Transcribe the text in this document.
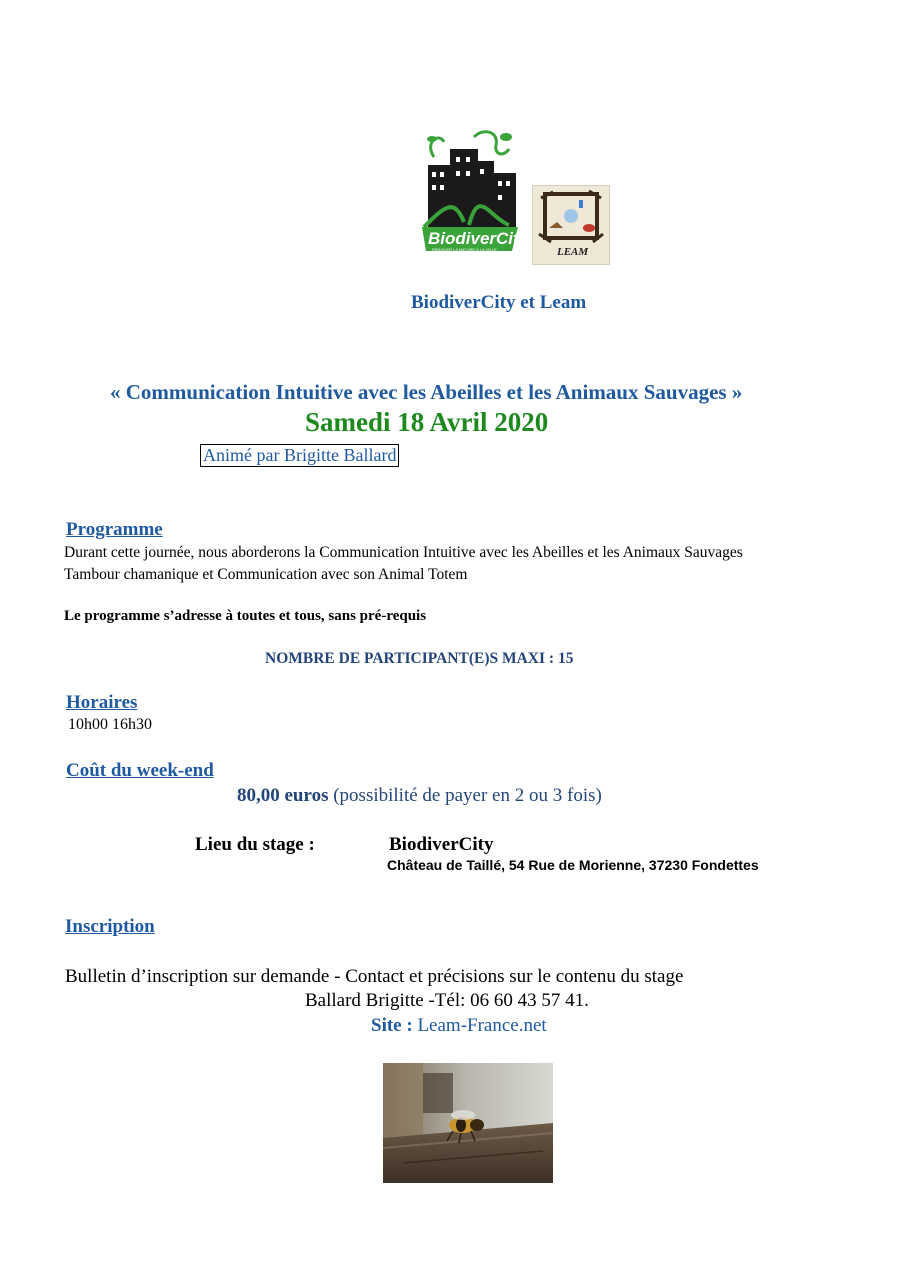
BiodiverCity
RENOUER LA NATURE À LA VILLE	LEAM
BiodiverCity et Leam
« Communication Intuitive avec les Abeilles et les Animaux Sauvages »
Samedi 18 Avril 2020
Animé par Brigitte Ballard
Programme
Durant cette journée, nous aborderons la Communication Intuitive avec les Abeilles et les Animaux Sauvages
Tambour chamanique et Communication avec son Animal Totem
Le programme s’adresse à toutes et tous, sans pré-requis
NOMBRE DE PARTICIPANT(E)S MAXI : 15
Horaires
10h00 16h30
Coût du week-end
80,00 euros (possibilité de payer en 2 ou 3 fois)
Lieu du stage :	BiodiverCity
Château de Taillé, 54 Rue de Morienne, 37230 Fondettes
Inscription
Bulletin d’inscription sur demande - Contact et précisions sur le contenu du stage
Ballard Brigitte -Tél: 06 60 43 57 41.
Site : Leam-France.net
